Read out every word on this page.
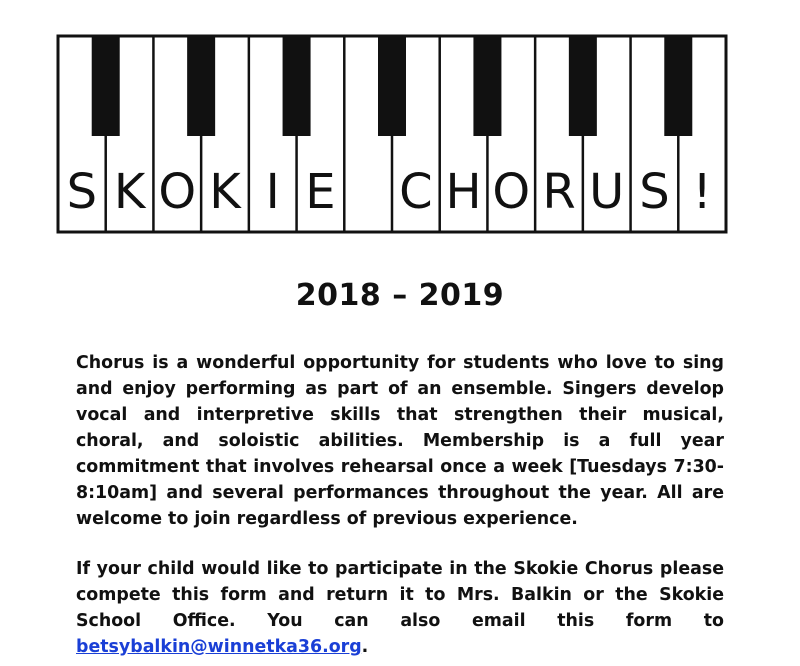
S K O K I E C H O R U S !
2018 – 2019

Chorus is a wonderful opportunity for students who love to sing and enjoy performing as part of an ensemble. Singers develop vocal and interpretive skills that strengthen their musical, choral, and soloistic abilities. Membership is a full year commitment that involves rehearsal once a week [Tuesdays 7:30-8:10am] and several performances throughout the year. All are welcome to join regardless of previous experience.

If your child would like to participate in the Skokie Chorus please compete this form and return it to Mrs. Balkin or the Skokie School Office. You can also email this form to betsybalkin@winnetka36.org.
